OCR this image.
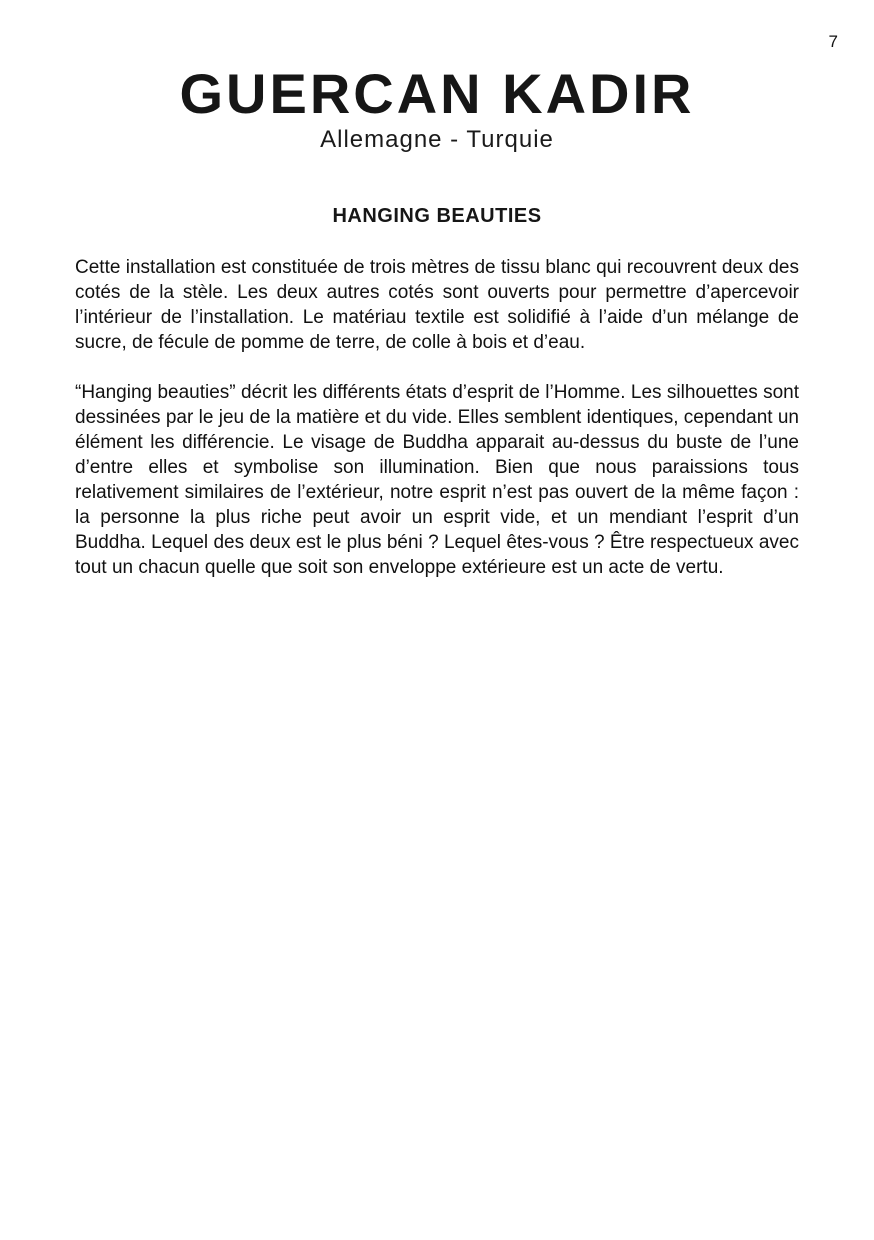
7
GUERCAN KADIR

Allemagne - Turquie

HANGING BEAUTIES

Cette installation est constituée de trois mètres de tissu blanc qui recouvrent deux des cotés de la stèle. Les deux autres cotés sont ouverts pour permettre d’apercevoir l’intérieur de l’installation. Le matériau textile est solidifié à l’aide d’un mélange de sucre, de fécule de pomme de terre, de colle à bois et d’eau.

“Hanging beauties” décrit les différents états d’esprit de l’Homme. Les silhouettes sont dessinées par le jeu de la matière et du vide. Elles semblent identiques, cependant un élément les différencie. Le visage de Buddha apparait au-dessus du buste de l’une d’entre elles et symbolise son illumination. Bien que nous paraissions tous relativement similaires de l’extérieur, notre esprit n’est pas ouvert de la même façon : la personne la plus riche peut avoir un esprit vide, et un mendiant l’esprit d’un Buddha. Lequel des deux est le plus béni ? Lequel êtes-vous ? Être respectueux avec tout un chacun quelle que soit son enveloppe extérieure est un acte de vertu.
